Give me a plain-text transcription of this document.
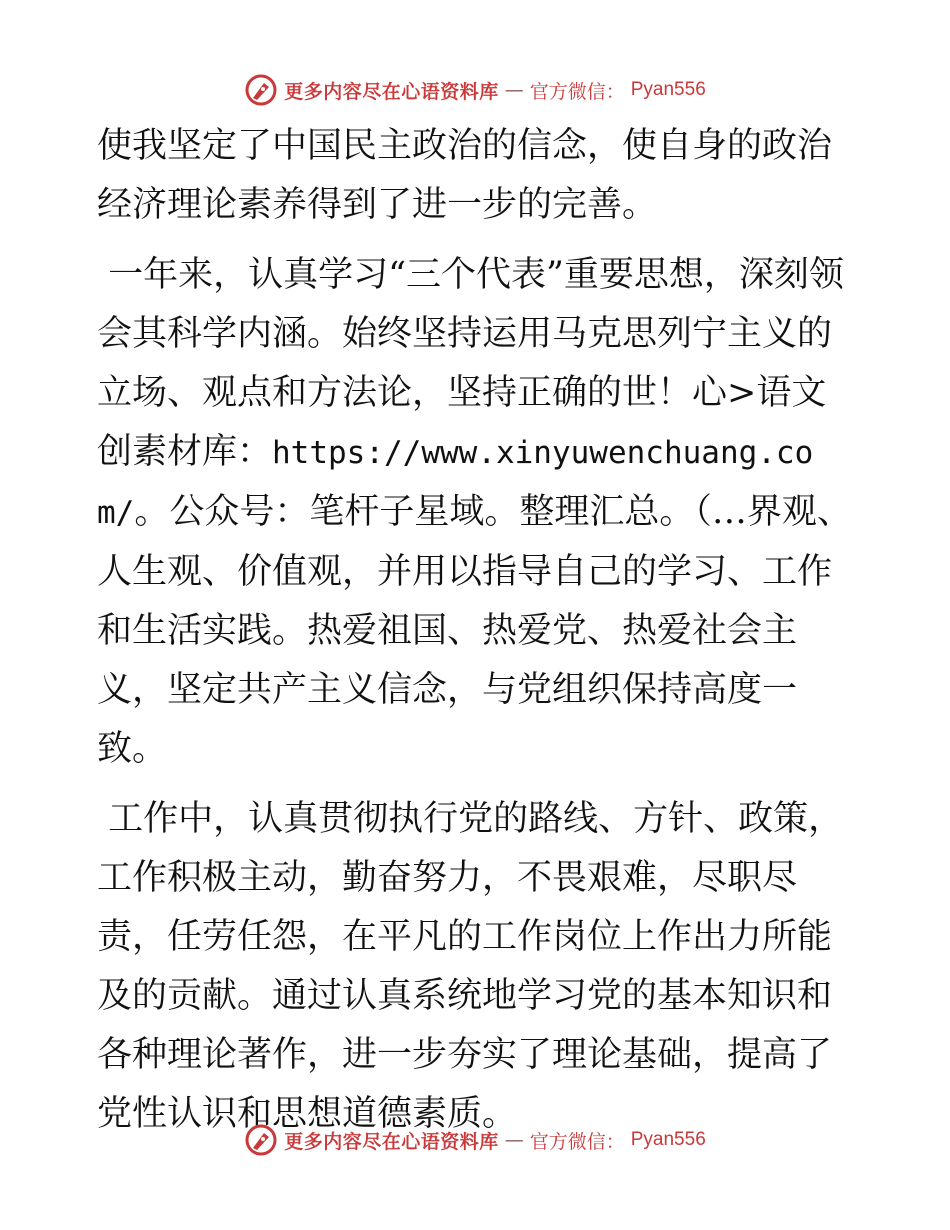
更多内容尽在心语资料库 — 官方微信： Pyan556

使我坚定了中国民主政治的信念，使自身的政治经济理论素养得到了进一步的完善。

一年来，认真学习“三个代表”重要思想，深刻领会其科学内涵。始终坚持运用马克思列宁主义的立场、观点和方法论，坚持正确的世！心>语文创素材库：https://www.xinyuwenchuang.com/。公众号：笔杆子星域。整理汇总。（…界观、人生观、价值观，并用以指导自己的学习、工作和生活实践。热爱祖国、热爱党、热爱社会主义，坚定共产主义信念，与党组织保持高度一致。

工作中，认真贯彻执行党的路线、方针、政策，工作积极主动，勤奋努力，不畏艰难，尽职尽责，任劳任怨，在平凡的工作岗位上作出力所能及的贡献。通过认真系统地学习党的基本知识和各种理论著作，进一步夯实了理论基础，提高了党性认识和思想道德素质。

更多内容尽在心语资料库 — 官方微信： Pyan556
